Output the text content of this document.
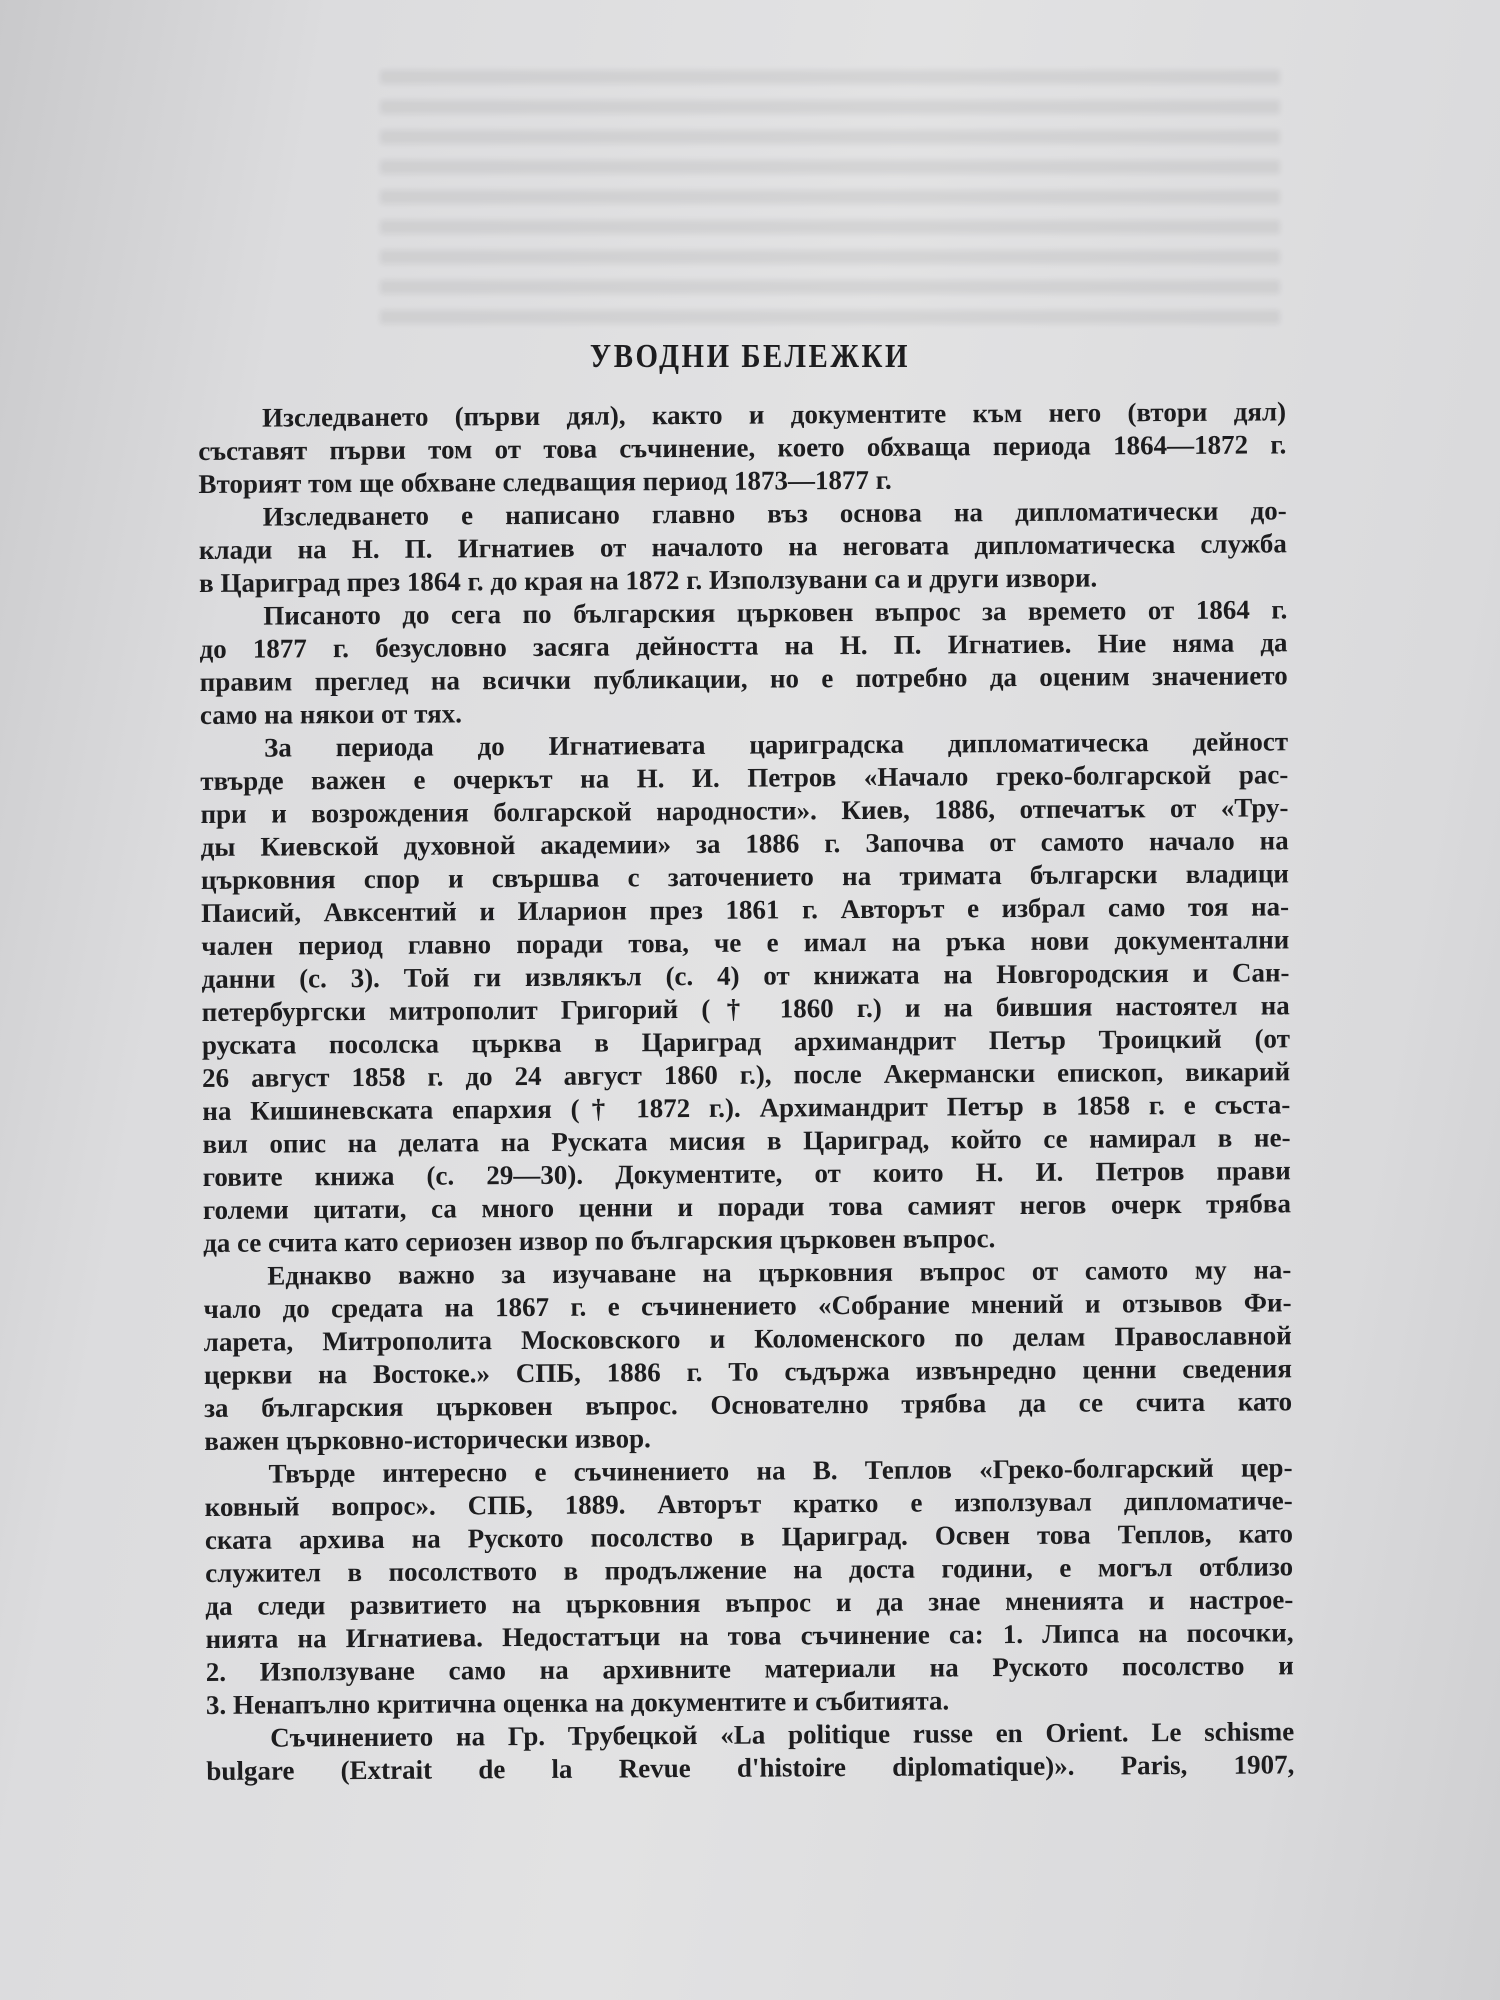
УВОДНИ БЕЛЕЖКИ
Изследването (първи дял), както и документите към него (втори дял)
съставят първи том от това съчинение, което обхваща периода 1864—1872 г.
Вторият том ще обхване следващия период 1873—1877 г.
Изследването е написано главно въз основа на дипломатически до-
клади на Н. П. Игнатиев от началото на неговата дипломатическа служба
в Цариград през 1864 г. до края на 1872 г. Използувани са и други извори.
Писаното до сега по българския църковен въпрос за времето от 1864 г.
до 1877 г. безусловно засяга дейността на Н. П. Игнатиев. Ние няма да
правим преглед на всички публикации, но е потребно да оценим значението
само на някои от тях.
За периода до Игнатиевата цариградска дипломатическа дейност
твърде важен е очеркът на Н. И. Петров «Начало греко-болгарской рас-
при и возрождения болгарской народности». Киев, 1886, отпечатък от «Тру-
ды Киевской духовной академии» за 1886 г. Започва от самото начало на
църковния спор и свършва с заточението на тримата български владици
Паисий, Авксентий и Иларион през 1861 г. Авторът е избрал само тоя на-
чален период главно поради това, че е имал на ръка нови документални
данни (с. 3). Той ги извлякъл (с. 4) от книжата на Новгородския и Сан-
петербургски митрополит Григорий († 1860 г.) и на бившия настоятел на
руската посолска църква в Цариград архимандрит Петър Троицкий (от
26 август 1858 г. до 24 август 1860 г.), после Акермански епископ, викарий
на Кишиневската епархия († 1872 г.). Архимандрит Петър в 1858 г. е съста-
вил опис на делата на Руската мисия в Цариград, който се намирал в не-
говите книжа (с. 29—30). Документите, от които Н. И. Петров прави
големи цитати, са много ценни и поради това самият негов очерк трябва
да се счита като сериозен извор по българския църковен въпрос.
Еднакво важно за изучаване на църковния въпрос от самото му на-
чало до средата на 1867 г. е съчинението «Собрание мнений и отзывов Фи-
ларета, Митрополита Московского и Коломенского по делам Православной
церкви на Востоке.» СПБ, 1886 г. То съдържа извънредно ценни сведения
за българския църковен въпрос. Основателно трябва да се счита като
важен църковно-исторически извор.
Твърде интересно е съчинението на В. Теплов «Греко-болгарский цер-
ковный вопрос». СПБ, 1889. Авторът кратко е използувал дипломатиче-
ската архива на Руското посолство в Цариград. Освен това Теплов, като
служител в посолството в продължение на доста години, е могъл отблизо
да следи развитието на църковния въпрос и да знае мненията и настрое-
нията на Игнатиева. Недостатъци на това съчинение са: 1. Липса на посочки,
2. Използуване само на архивните материали на Руското посолство и
3. Ненапълно критична оценка на документите и събитията.
Съчинението на Гр. Трубецкой «La politique russe en Orient. Le schisme
bulgare (Extrait de la Revue d'histoire diplomatique)». Paris, 1907,
